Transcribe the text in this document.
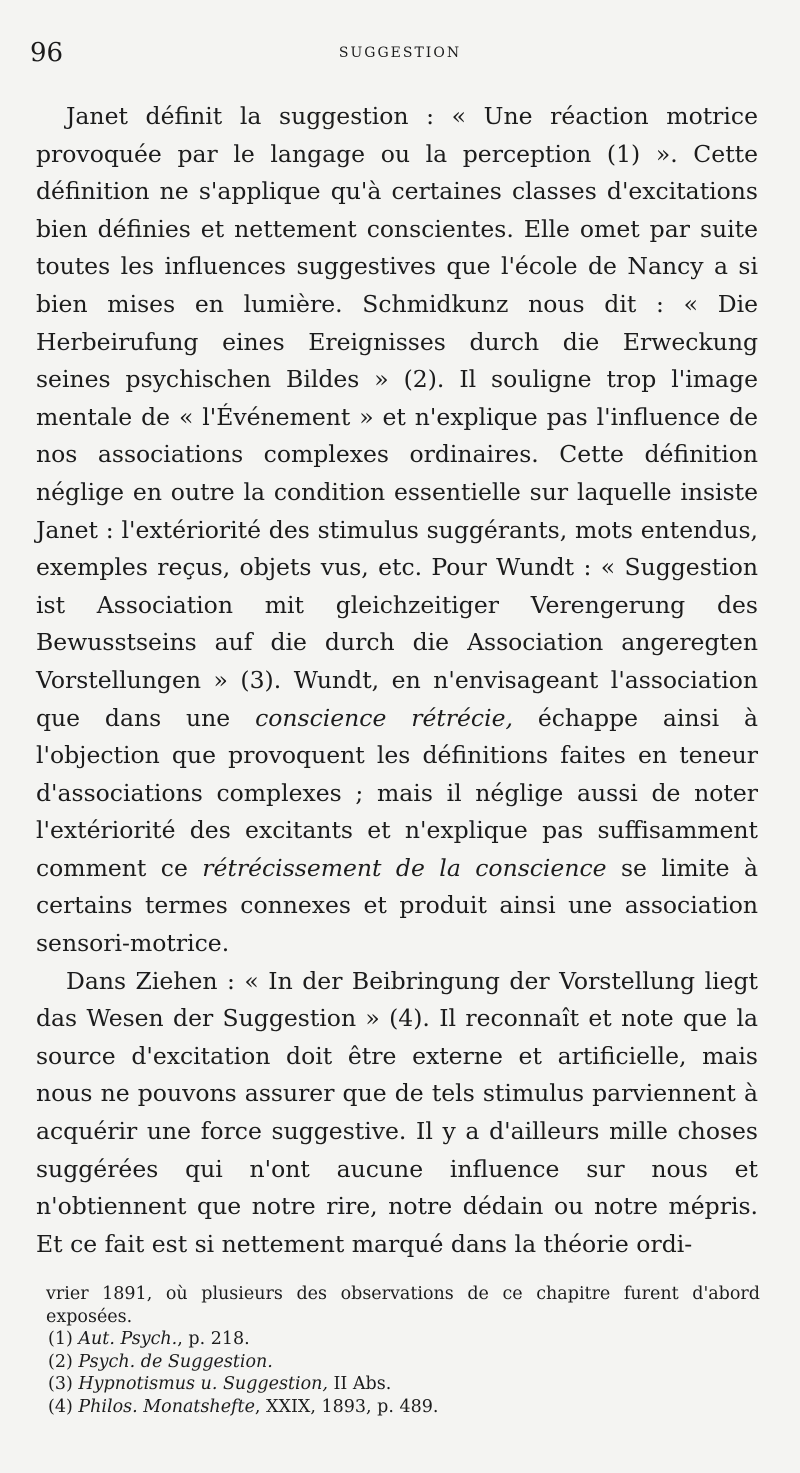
96	SUGGESTION

Janet définit la suggestion : « Une réaction motrice provoquée par le langage ou la perception (1) ». Cette définition ne s'applique qu'à certaines classes d'excitations bien définies et nettement conscientes. Elle omet par suite toutes les influences suggestives que l'école de Nancy a si bien mises en lumière. Schmidkunz nous dit : « Die Herbeirufung eines Ereignisses durch die Erweckung seines psychischen Bildes » (2). Il souligne trop l'image mentale de « l'Événement » et n'explique pas l'influence de nos associations complexes ordinaires. Cette définition néglige en outre la condition essentielle sur laquelle insiste Janet : l'extériorité des stimulus suggérants, mots entendus, exemples reçus, objets vus, etc. Pour Wundt : « Suggestion ist Association mit gleichzeitiger Verengerung des Bewusstseins auf die durch die Association angeregten Vorstellungen » (3). Wundt, en n'envisageant l'association que dans une conscience rétrécie, échappe ainsi à l'objection que provoquent les définitions faites en teneur d'associations complexes ; mais il néglige aussi de noter l'extériorité des excitants et n'explique pas suffisamment comment ce rétrécissement de la conscience se limite à certains termes connexes et produit ainsi une association sensori-motrice.

Dans Ziehen : « In der Beibringung der Vorstellung liegt das Wesen der Suggestion » (4). Il reconnaît et note que la source d'excitation doit être externe et artificielle, mais nous ne pouvons assurer que de tels stimulus parviennent à acquérir une force suggestive. Il y a d'ailleurs mille choses suggérées qui n'ont aucune influence sur nous et n'obtiennent que notre rire, notre dédain ou notre mépris. Et ce fait est si nettement marqué dans la théorie ordi-

vrier 1891, où plusieurs des observations de ce chapitre furent d'abord exposées.

(1) Aut. Psych., p. 218.
(2) Psych. de Suggestion.
(3) Hypnotismus u. Suggestion, II Abs.
(4) Philos. Monatshefte, XXIX, 1893, p. 489.
